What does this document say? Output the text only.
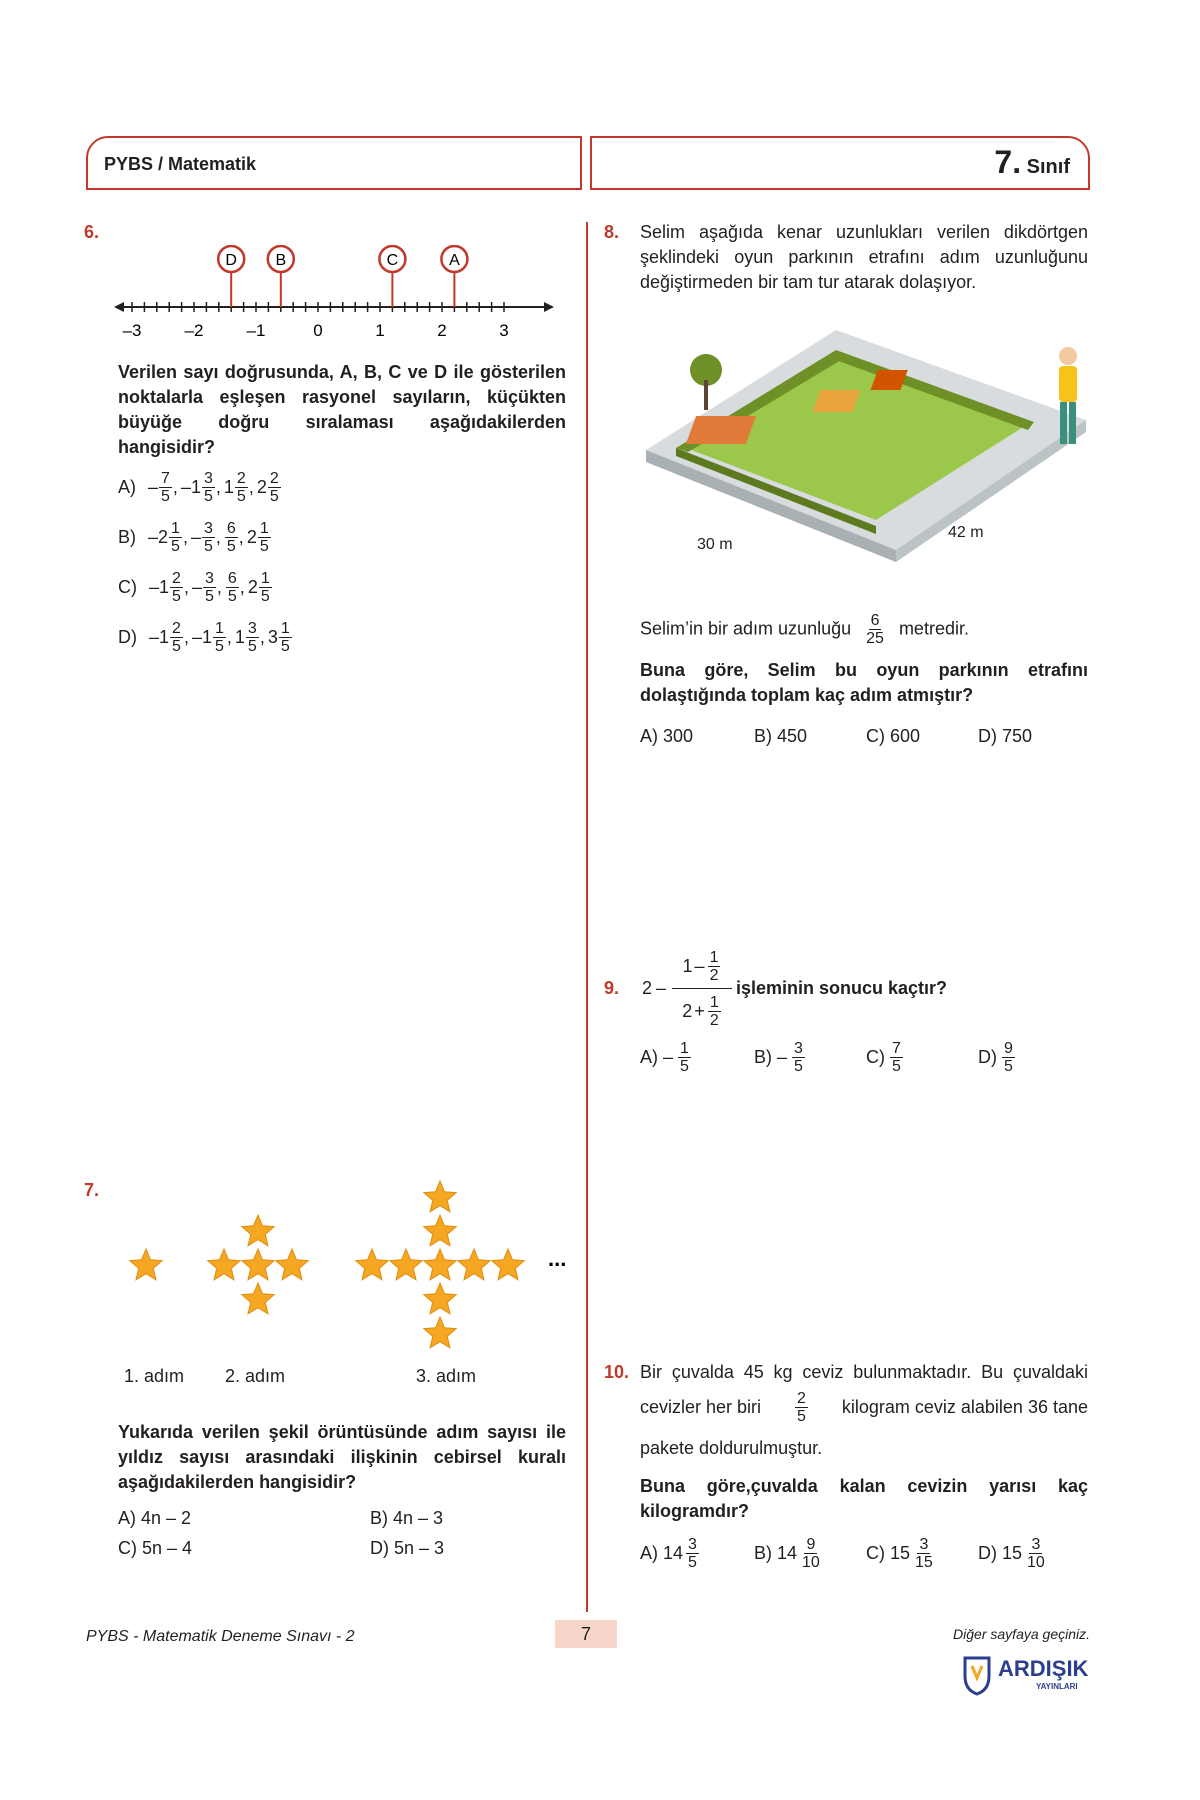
PYBS / Matematik	7. Sınıf
6.
–3	–2	–1	0	1	2	3
D B	C	A
Verilen sayı doğrusunda, A, B, C ve D ile gösterilen noktalarla eşleşen rasyonel sayıların, küçükten büyüğe doğru sıralaması aşağıdakilerden hangisidir?
$A) - \frac{7}{5}$ , $-1 \frac{3}{5}$ , $1 \frac{2}{5}$ , $2 \frac{2}{5}$
B) $-2 \frac{1}{5}$ , – $\frac{3}{5}$ , $\frac{6}{5}$ , $2 \frac{1}{5}$
C) $-1 \frac{2}{5}$ , – $\frac{3}{5}$ , $\frac{6}{5}$ , $2 \frac{1}{5}$
D) $-1 \frac{2}{5}$ , $-1 \frac{1}{5}$ , $1 \frac{3}{5}$ , $3 \frac{1}{5}$
7.
...
1. adım 2. adım	3. adım
Yukarıda verilen şekil örüntüsünde adım sayısı ile yıldız sayısı arasındaki ilişkinin cebirsel kuralı aşağıdakilerden hangisidir?
A) 4n – 2	B) 4n – 3
C) 5n – 4	D) 5n – 3
8. Selim aşağıda kenar uzunlukları verilen dikdörtgen şeklindeki oyun parkının etrafını adım uzunluğunu değiştirmeden bir tam tur atarak dolaşıyor.
30 m
42 m
Selim’in bir adım uzunluğu $\frac{6}{25}$ metredir.
Buna göre, Selim bu oyun parkının etrafını dolaştığında toplam kaç adım atmıştır?
A) 300	B) 450	C) 600	D) 750
9. 2 –
$1 - \frac{1}{2}$
$2 + \frac{1}{2}$
işleminin sonucu kaçtır?
$A) - \frac{1}{5}$	$B) - \frac{3}{5}$	$C) \frac{7}{5}$	$D) \frac{9}{5}$
10. Bir çuvalda 45 kg ceviz bulunmaktadır. Bu çuvaldaki
cevizler her biri $\frac{2}{5}$ kilogram ceviz alabilen 36 tane
pakete doldurulmuştur.
Buna göre,çuvalda kalan cevizin yarısı kaç kilogramdır?
A) $14 \frac{3}{5}$	B) $14 \frac{9}{10} C$) $15 \frac{3}{15} D$) $15 \frac{3}{10}$
PYBS - Matematik Deneme Sınavı - 2	7	Diğer sayfaya geçiniz.
ARDIŞIK
YAYINLARI
